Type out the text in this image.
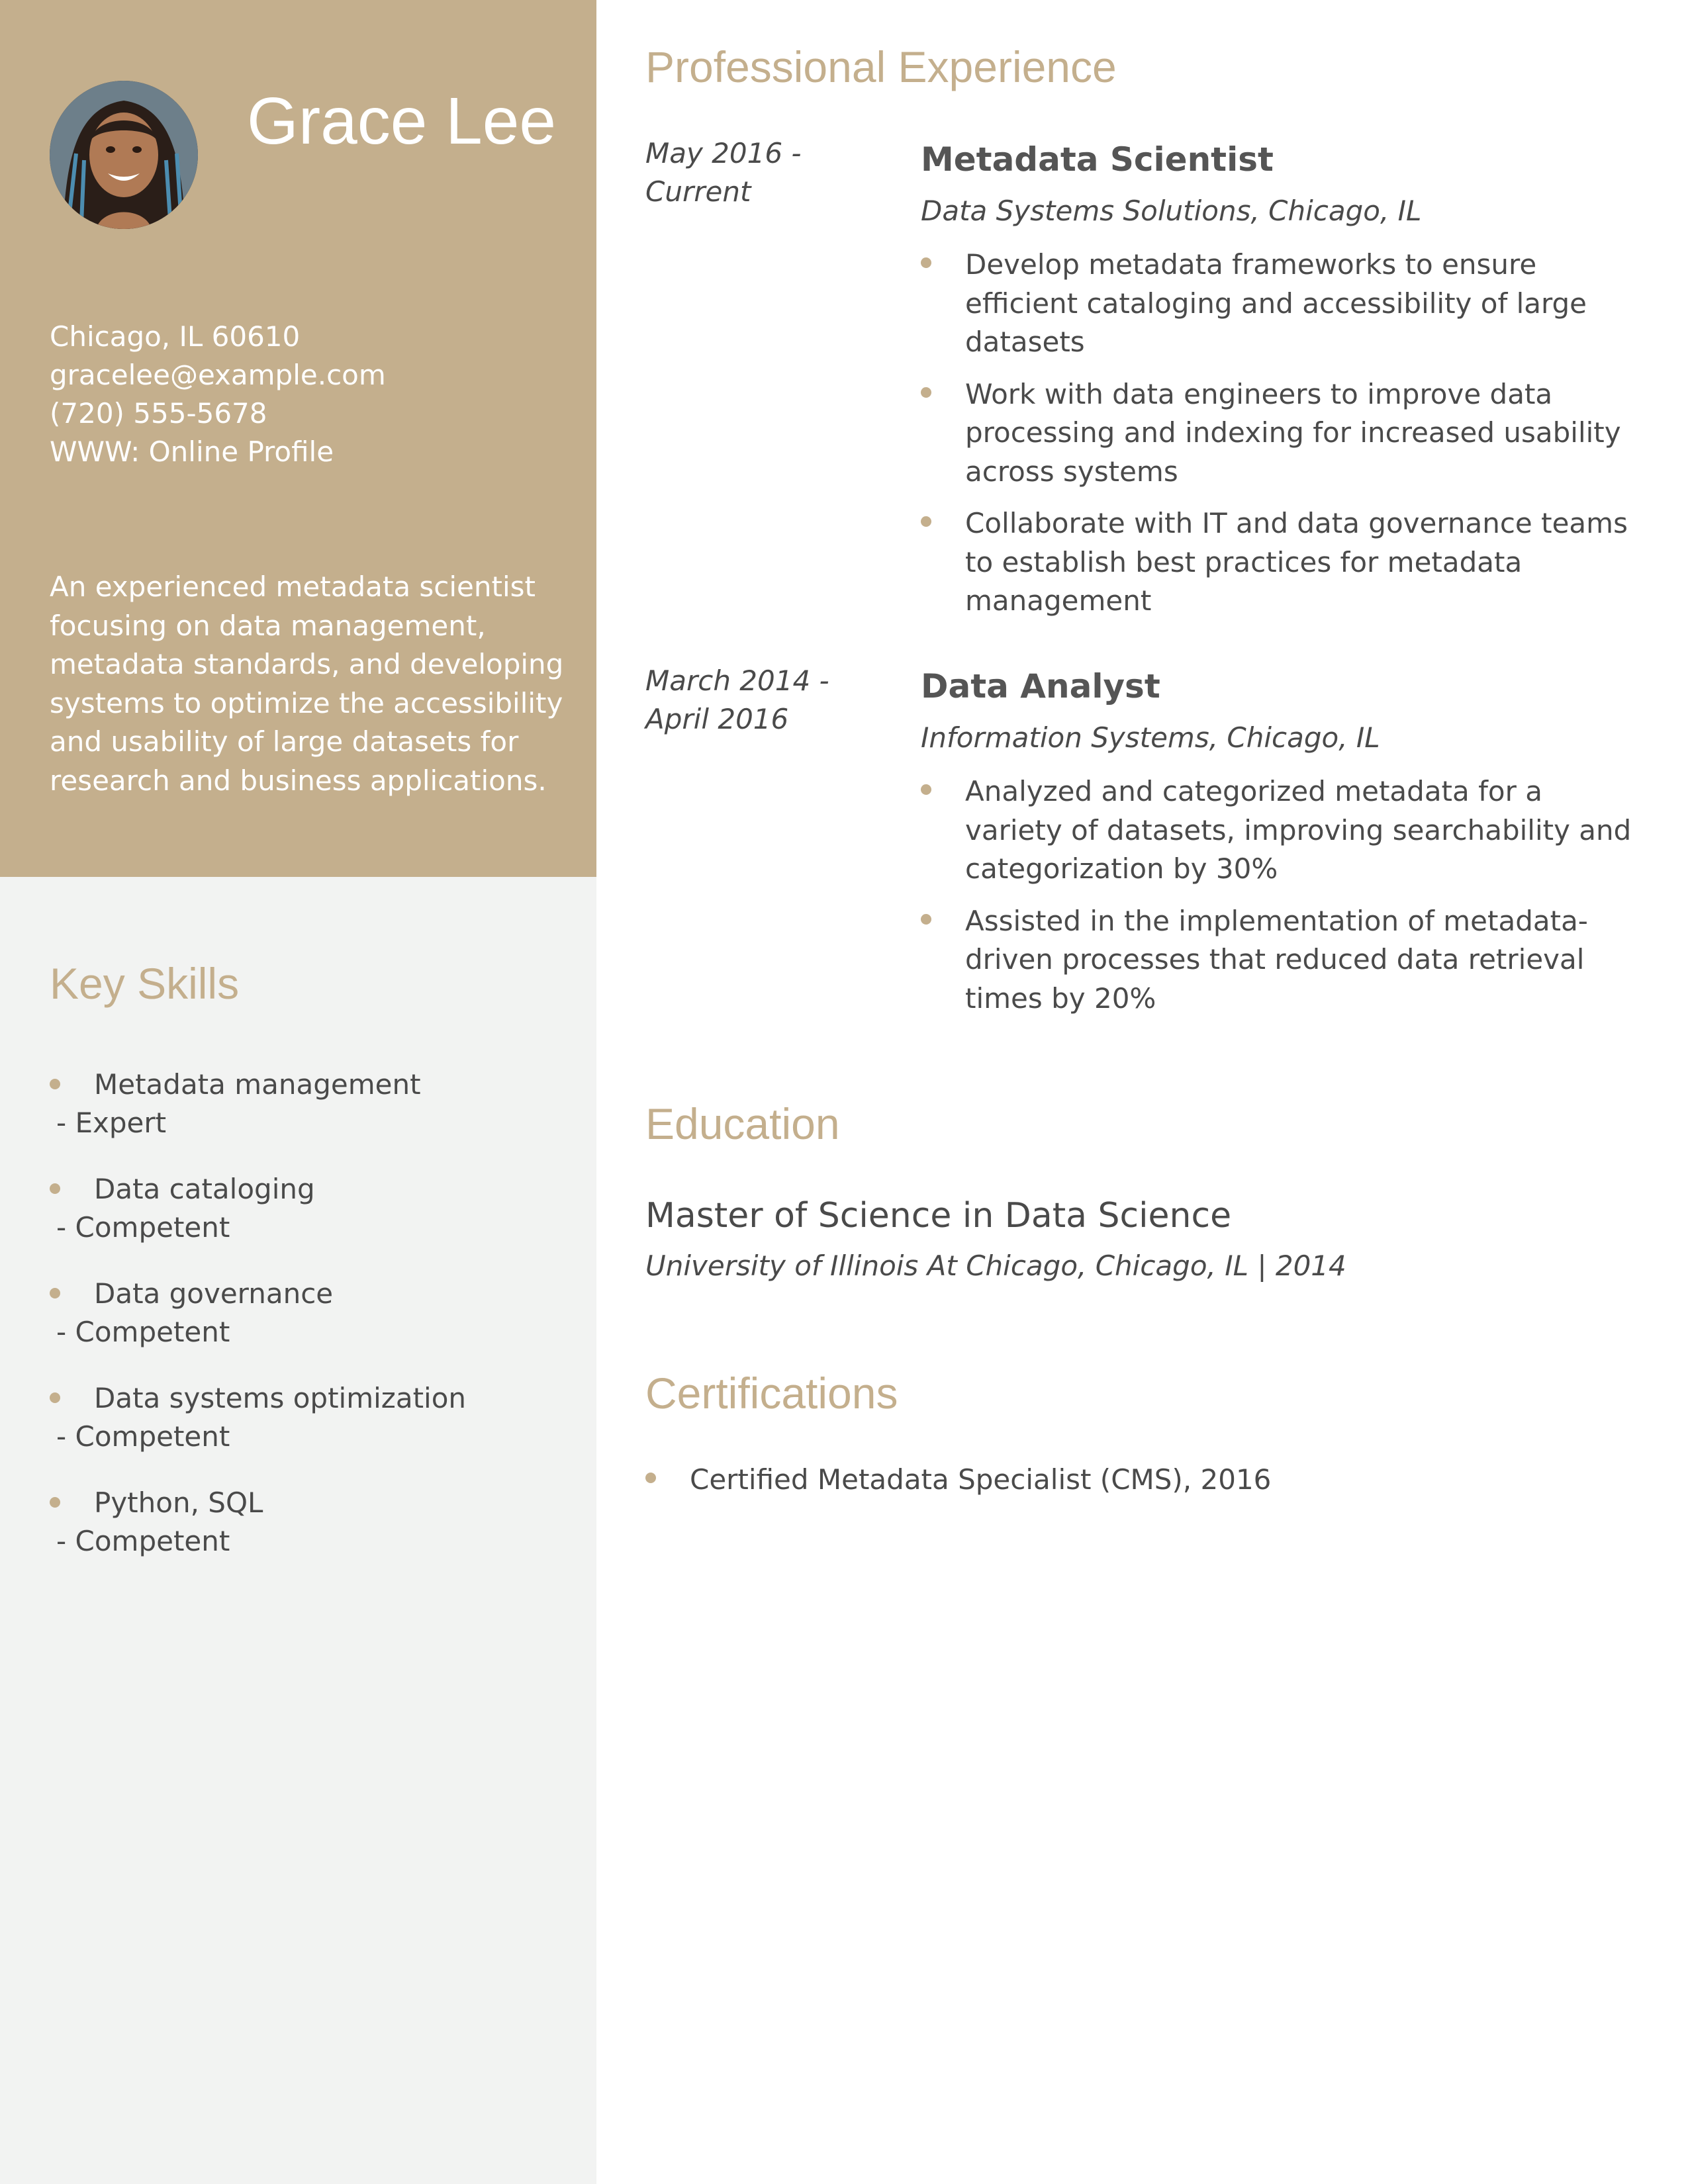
Grace Lee
Chicago, IL 60610
gracelee@example.com
(720) 555-5678
WWW: Online Profile
An experienced metadata scientist focusing on data management, metadata standards, and developing systems to optimize the accessibility and usability of large datasets for research and business applications.
Key Skills
Metadata management
- Expert
Data cataloging
- Competent
Data governance
- Competent
Data systems optimization
- Competent
Python, SQL
- Competent
Professional Experience
May 2016 - Current
Metadata Scientist
Data Systems Solutions, Chicago, IL
Develop metadata frameworks to ensure efficient cataloging and accessibility of large datasets
Work with data engineers to improve data processing and indexing for increased usability across systems
Collaborate with IT and data governance teams to establish best practices for metadata management
March 2014 - April 2016
Data Analyst
Information Systems, Chicago, IL
Analyzed and categorized metadata for a variety of datasets, improving searchability and categorization by 30%
Assisted in the implementation of metadata-driven processes that reduced data retrieval times by 20%
Education
Master of Science in Data Science
University of Illinois At Chicago, Chicago, IL | 2014
Certifications
Certified Metadata Specialist (CMS), 2016
